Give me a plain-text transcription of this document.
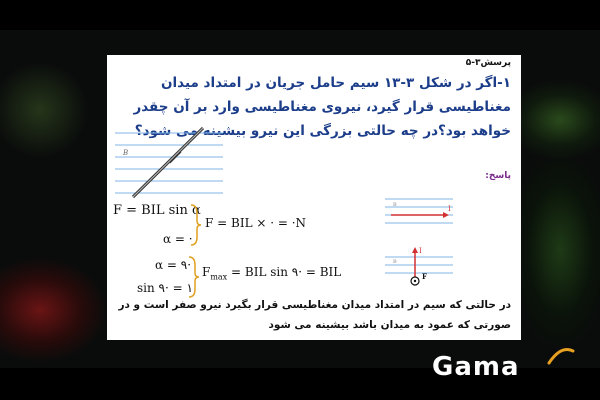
پرسش۳-۵
۱-اگر در شکل ۳-۱۳ سیم حامل جریان در امتداد میدان مغناطیسی قرار گیرد، نیروی مغناطیسی وارد بر آن چقدر خواهد بود؟در چه حالتی بزرگی این نیرو بیشینه می شود؟
B
F = BIL sin α
α = ·
F = BIL × · = ·N
α = ۹·
sin ۹· = ۱
$F_{max}$ = BIL sin ۹· = BIL
پاسخ:
I
B
I
F
B
در حالتی که سیم در امتداد میدان مغناطیسی قرار بگیرد نیرو صفر است و در صورتی که عمود به میدان باشد بیشینه می شود
Gama
